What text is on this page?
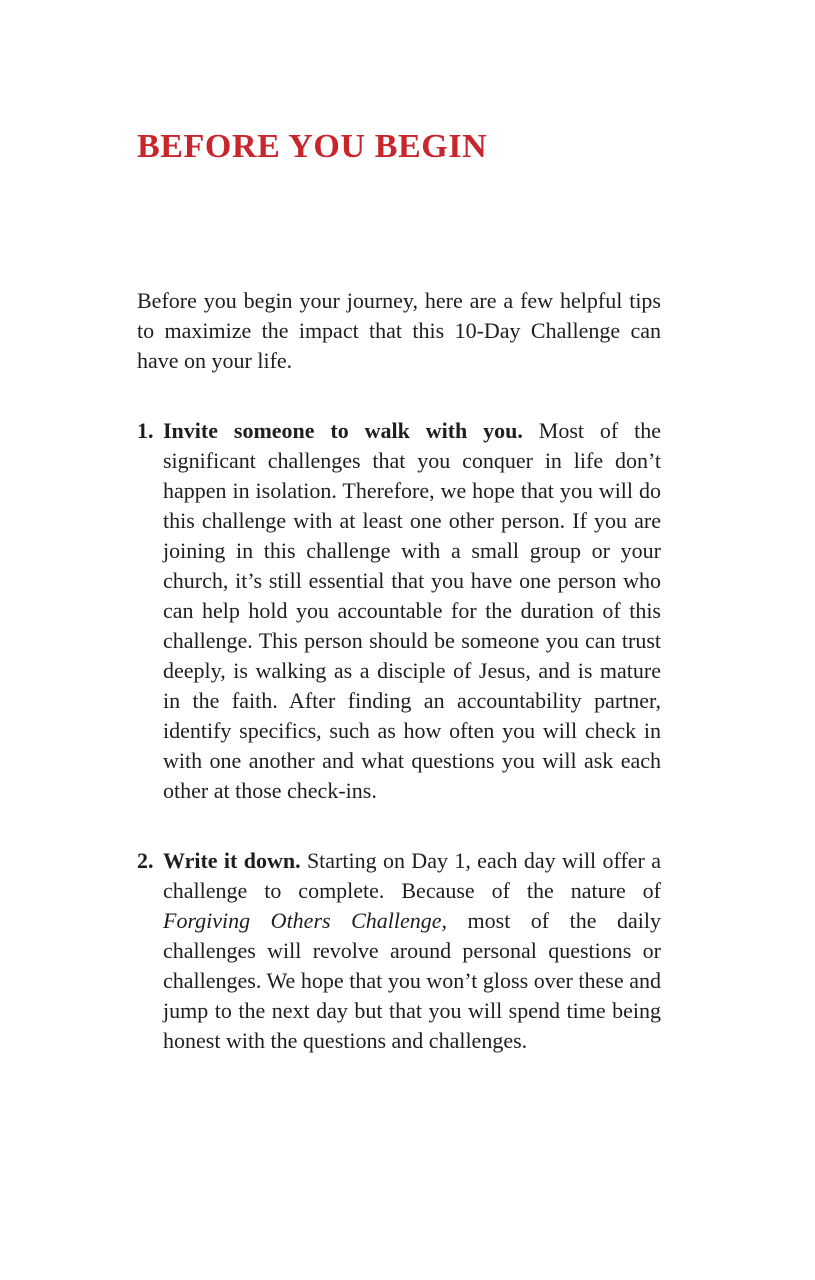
BEFORE YOU BEGIN

Before you begin your journey, here are a few helpful tips to maximize the impact that this 10-Day Challenge can have on your life.

1. Invite someone to walk with you. Most of the significant challenges that you conquer in life don’t happen in isolation. Therefore, we hope that you will do this challenge with at least one other person. If you are joining in this challenge with a small group or your church, it’s still essential that you have one person who can help hold you accountable for the duration of this challenge. This person should be someone you can trust deeply, is walking as a disciple of Jesus, and is mature in the faith. After finding an accountability partner, identify specifics, such as how often you will check in with one another and what questions you will ask each other at those check-ins.
2. Write it down. Starting on Day 1, each day will offer a challenge to complete. Because of the nature of Forgiving Others Challenge, most of the daily challenges will revolve around personal questions or challenges. We hope that you won’t gloss over these and jump to the next day but that you will spend time being honest with the questions and challenges.
